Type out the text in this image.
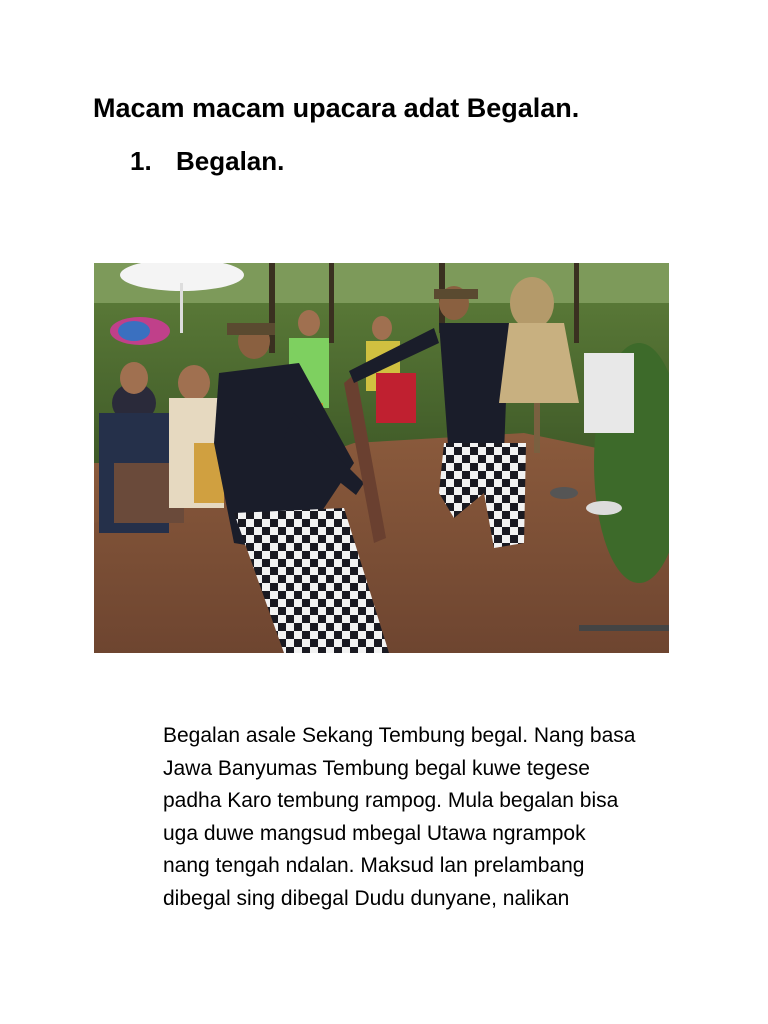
Macam macam upacara adat Begalan.
1. Begalan.
Begalan asale Sekang Tembung begal. Nang basa
Jawa Banyumas Tembung begal kuwe tegese
padha Karo tembung rampog. Mula begalan bisa
uga duwe mangsud mbegal Utawa ngrampok
nang tengah ndalan. Maksud lan prelambang
dibegal sing dibegal Dudu dunyane, nalikan
